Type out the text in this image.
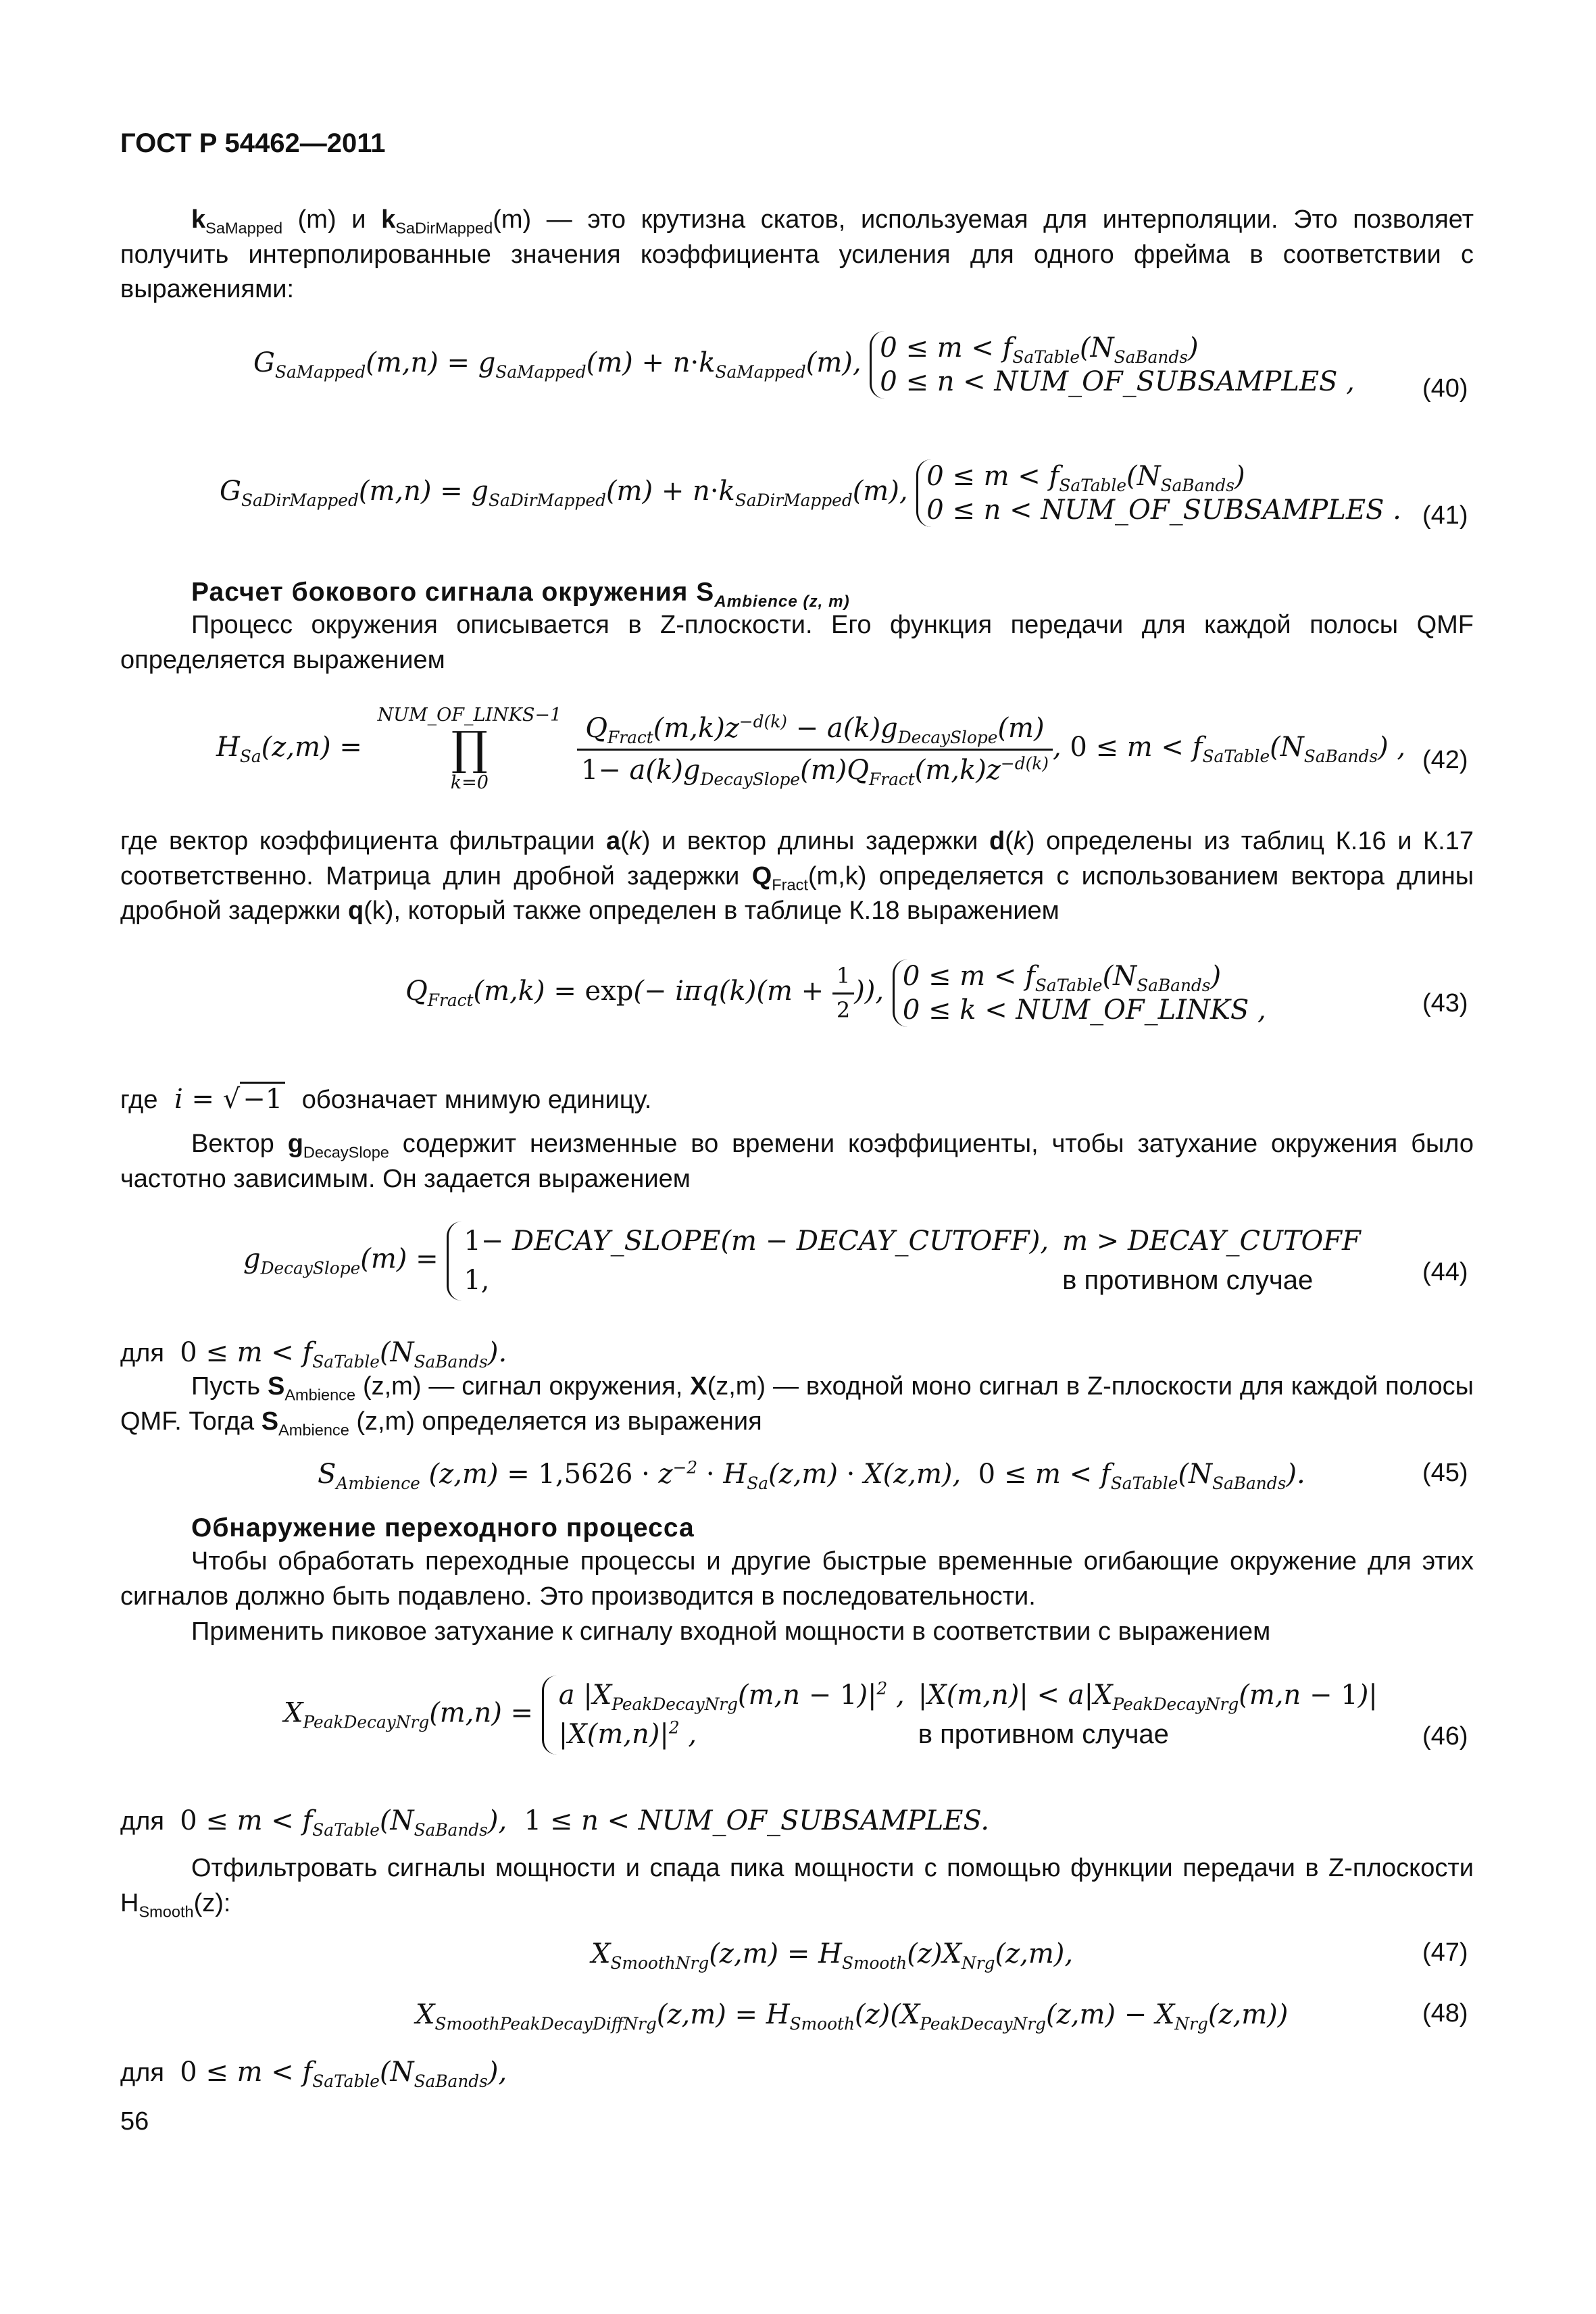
ГОСТ Р 54462—2011
$k_{SaMapped}$ (m) и $k_{SaDirMapped}(m)$ — это крутизна скатов, используемая для интерполяции. Это позволяет получить интерполированные значения коэффициента усиления для одного фрейма в соответствии с выражениями:
$G_{SaMapped}(m,n) = g_{SaMapped}(m) + n\cdot k_{SaMapped}(m)$, $0 \le m < f_{SaTable}(N_{SaBands})$
0 ≤ n < NUM_OF_SUBSAMPLES ,	(40)
$G_{SaDirMapped}(m,n) = g_{SaDirMapped}(m) + n\cdot k_{SaDirMapped}(m)$, $0 \le m < f_{SaTable}(N_{SaBands})$
0 ≤ n < NUM_OF_SUBSAMPLES . (41)
Расчет бокового сигнала окружения $S_{Ambience (z, m)}$
Процесс окружения описывается в Z-плоскости. Его функция передачи для каждой полосы QMF определяется выражением
$H_{Sa}(z,m)$ =
NUM_OF_LINKS−1
∏
k=0
	$\frac{Q_{Fract}(m,k)z^{-d(k)} - a(k)g_{DecaySlope}(m)}{1- a(k)g_{DecaySlope}(m)Q_{Fract}(m,k)z^{-d(k)}}$ , $0 \le m < f_{SaTable}(N_{SaBands})$ , (42)
где вектор коэффициента фильтрации a(k) и вектор длины задержки d(k) определены из таблиц К.16 и К.17 соответственно. Матрица длин дробной задержки $Q_{Fract}(m,k)$ определяется с использованием вектора длины дробной задержки q(k), который также определен в таблице К.18 выражением
$Q_{Fract}(m,k) = \exp(- i\pi q(k)(m + \frac{1}{2}$ )), $0 \le m < f_{SaTable}(N_{SaBands})$
0 ≤ k < NUM_OF_LINKS ,	(43)
где i = √ −1 обозначает мнимую единицу.
Вектор $g_{DecaySlope}$ содержит неизменные во времени коэффициенты, чтобы затухание окружения было частотно зависимым. Он задается выражением
$g_{DecaySlope}(m)$ =
1− DECAY_SLOPE(m − DECAY_CUTOFF),	m > DECAY_CUTOFF
1,	в противном случае	(44)
для $0 \le m < f_{SaTable}(N_{SaBands})$.
Пусть $S_{Ambience}$ (z,m) — сигнал окружения, X(z,m) — входной моно сигнал в Z-плоскости для каждой полосы QMF. Тогда $S_{Ambience}$ (z,m) определяется из выражения
$S_{Ambience}$ $(z,m) = 1,5626 \cdot z^{-2} \cdot H_{Sa}(z,m) \cdot X(z,m)$,  $0 \le m < f_{SaTable}(N_{SaBands})$.	(45)
Обнаружение переходного процесса
Чтобы обработать переходные процессы и другие быстрые временные огибающие окружение для этих сигналов должно быть подавлено. Это производится в последовательности.
Применить пиковое затухание к сигналу входной мощности в соответствии с выражением
$X_{PeakDecayNrg}(m,n)$ =
a $|X_{PeakDecayNrg}(m,n - 1)|^2$ ,	$|X(m,n)| < a|X_{PeakDecayNrg}(m,n - 1)|$
$|X(m,n)|^2$ ,	в противном случае	(46)
для $0 \le m < f_{SaTable}(N_{SaBands})$,  1 ≤ n < NUM_OF_SUBSAMPLES.
Отфильтровать сигналы мощности и спада пика мощности с помощью функции передачи в Z-плоскости $H_{Smooth}(z)$:
$X_{SmoothNrg}(z,m) = H_{Smooth}(z)X_{Nrg}(z,m)$,	(47)
$X_{SmoothPeakDecayDiffNrg}(z,m) = H_{Smooth}(z)(X_{PeakDecayNrg}(z,m) - X_{Nrg}(z,m))$	(48)
для $0 \le m < f_{SaTable}(N_{SaBands})$,
56
